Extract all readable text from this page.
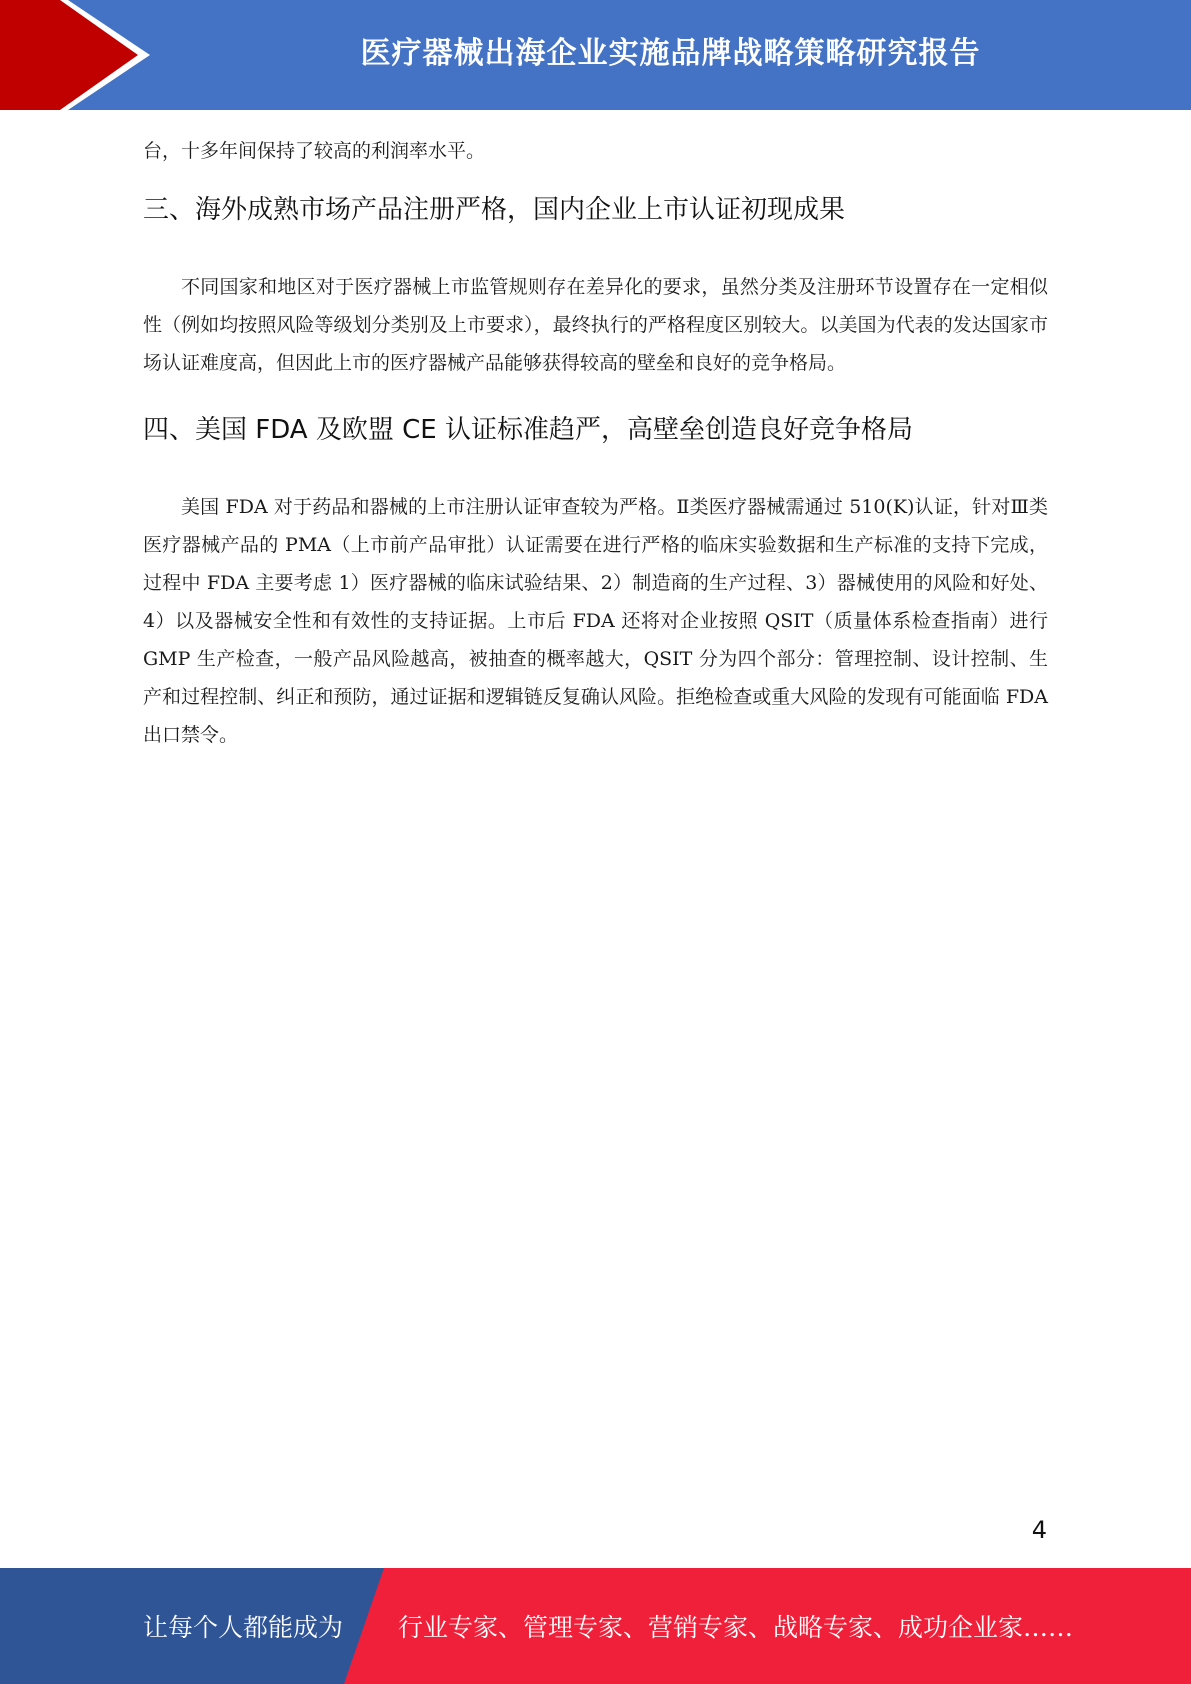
医疗器械出海企业实施品牌战略策略研究报告

台，十多年间保持了较高的利润率水平。

三、海外成熟市场产品注册严格，国内企业上市认证初现成果

不同国家和地区对于医疗器械上市监管规则存在差异化的要求，虽然分类及注册环节设置存在一定相似性（例如均按照风险等级划分类别及上市要求），最终执行的严格程度区别较大。以美国为代表的发达国家市场认证难度高，但因此上市的医疗器械产品能够获得较高的壁垒和良好的竞争格局。

四、美国 FDA 及欧盟 CE 认证标准趋严，高壁垒创造良好竞争格局

美国 FDA 对于药品和器械的上市注册认证审查较为严格。Ⅱ类医疗器械需通过 510(K)认证，针对Ⅲ类医疗器械产品的 PMA（上市前产品审批）认证需要在进行严格的临床实验数据和生产标准的支持下完成，过程中 FDA 主要考虑 1）医疗器械的临床试验结果、2）制造商的生产过程、3）器械使用的风险和好处、4）以及器械安全性和有效性的支持证据。上市后 FDA 还将对企业按照 QSIT（质量体系检查指南）进行 GMP 生产检查，一般产品风险越高，被抽查的概率越大，QSIT 分为四个部分：管理控制、设计控制、生产和过程控制、纠正和预防，通过证据和逻辑链反复确认风险。拒绝检查或重大风险的发现有可能面临 FDA 出口禁令。

4
让每个人都能成为 行业专家、管理专家、营销专家、战略专家、成功企业家……
